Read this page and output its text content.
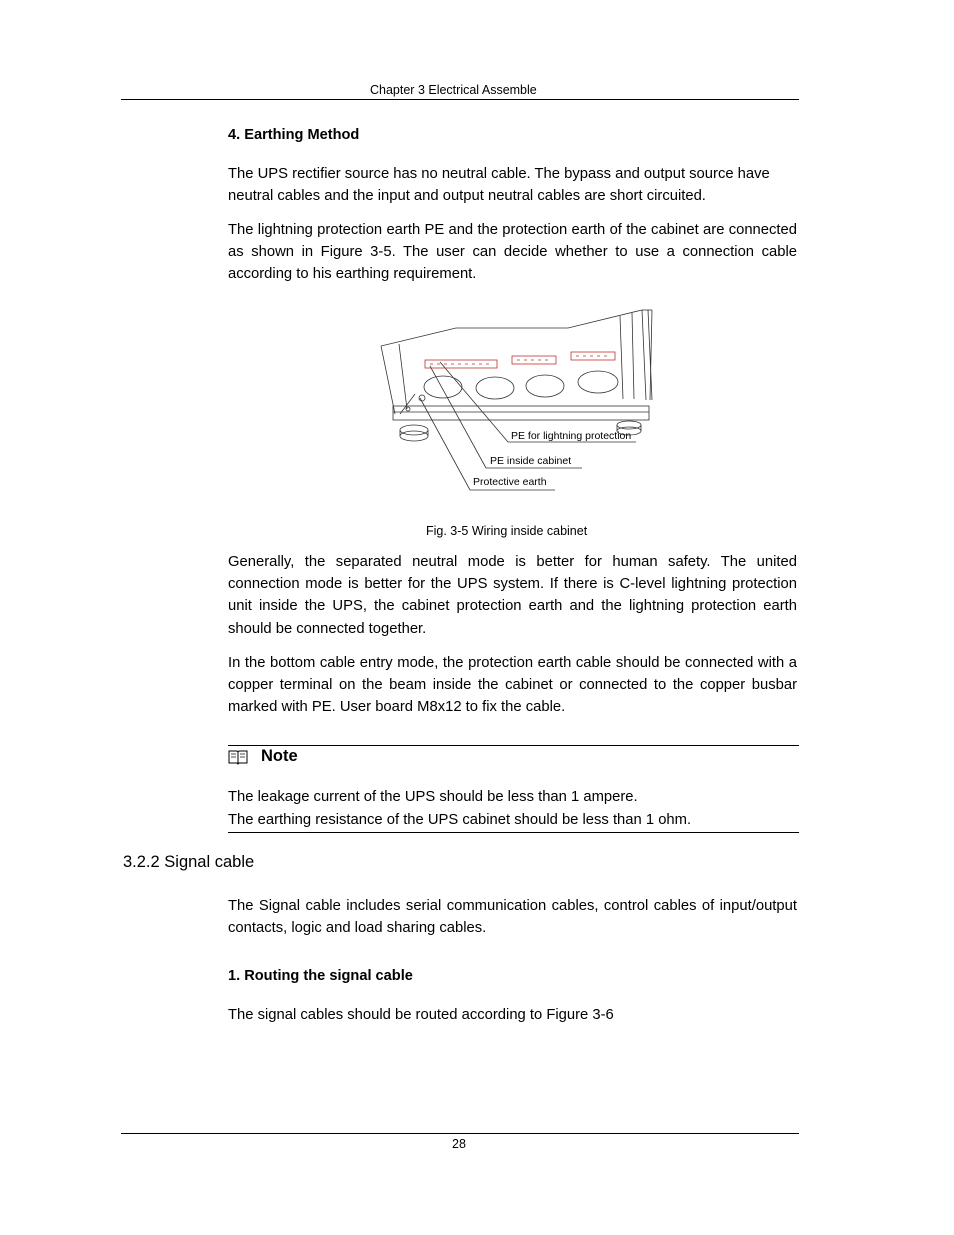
Chapter 3 Electrical Assemble
4. Earthing Method
The UPS rectifier source has no neutral cable. The bypass and output source have neutral cables and the input and output neutral cables are short circuited.
The lightning protection earth PE and the protection earth of the cabinet are connected as shown in Figure 3-5. The user can decide whether to use a connection cable according to his earthing requirement.
PE for lightning protection
PE inside cabinet
Protective earth
Fig. 3-5 Wiring inside cabinet
Generally, the separated neutral mode is better for human safety. The united connection mode is better for the UPS system. If there is C-level lightning protection unit inside the UPS, the cabinet protection earth and the lightning protection earth should be connected together.
In the bottom cable entry mode, the protection earth cable should be connected with a copper terminal on the beam inside the cabinet or connected to the copper busbar marked with PE. User board M8x12 to fix the cable.
Note
The leakage current of the UPS should be less than 1 ampere.
The earthing resistance of the UPS cabinet should be less than 1 ohm.
3.2.2 Signal cable
The Signal cable includes serial communication cables, control cables of input/output contacts, logic and load sharing cables.
1. Routing the signal cable
The signal cables should be routed according to Figure 3-6
28
